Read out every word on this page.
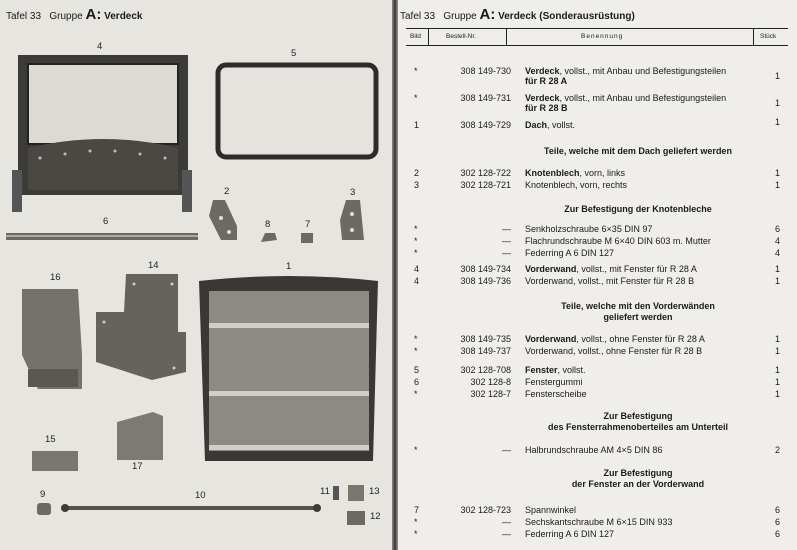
Tafel 33 Gruppe A: Verdeck
4
5
2	3
6	8	7
16
14	1
15
17
9	10	11	13
12
Tafel 33 Gruppe A: Verdeck (Sonderausrüstung)
Bild	Bestell-Nr.	Benennung	Stück
*	308 149-730 Verdeck, vollst., mit Anbau und Befestigungsteilen
für R 28 A	1
*	308 149-731 Verdeck, vollst., mit Anbau und Befestigungsteilen
für R 28 B	1
1	308 149-729 Dach, vollst.	1
Teile, welche mit dem Dach geliefert werden
2	302 128-722 Knotenblech, vorn, links	1
3	302 128-721 Knotenblech, vorn, rechts	1
Zur Befestigung der Knotenbleche
*	— Senkholzschraube 6×35 DIN 97	6
*	— Flachrundschraube M 6×40 DIN 603 m. Mutter	4
*	— Federring A 6 DIN 127	4
4	308 149-734 Vorderwand, vollst., mit Fenster für R 28 A	1
4	308 149-736 Vorderwand, vollst., mit Fenster für R 28 B	1
Teile, welche mit den Vorderwänden
geliefert werden
*	308 149-735 Vorderwand, vollst., ohne Fenster für R 28 A	1
*	308 149-737 Vorderwand, vollst., ohne Fenster für R 28 B	1
5	302 128-708 Fenster, vollst.	1
6	302 128-8 Fenstergummi	1
*	302 128-7 Fensterscheibe	1
Zur Befestigung
des Fensterrahmenoberteiles am Unterteil
*	— Halbrundschraube AM 4×5 DIN 86	2
Zur Befestigung
der Fenster an der Vorderwand
7	302 128-723 Spannwinkel	6
*	— Sechskantschraube M 6×15 DIN 933	6
*	— Federring A 6 DIN 127	6
